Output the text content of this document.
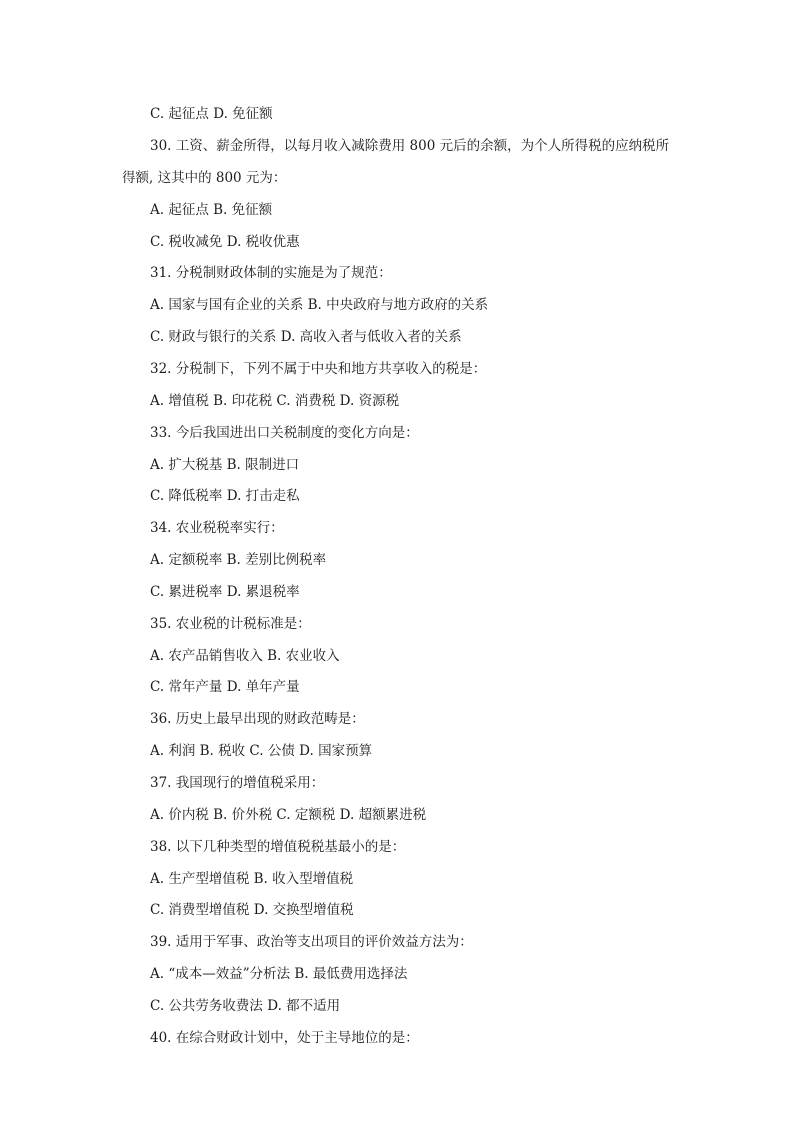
C. 起征点 D. 免征额
30. 工资、薪金所得，以每月收入减除费用 800 元后的余额，为个人所得税的应纳税所
得额, 这其中的 800 元为：
A. 起征点 B. 免征额
C. 税收减免 D. 税收优惠
31. 分税制财政体制的实施是为了规范：
A. 国家与国有企业的关系 B. 中央政府与地方政府的关系
C. 财政与银行的关系 D. 高收入者与低收入者的关系
32. 分税制下，下列不属于中央和地方共享收入的税是：
A. 增值税 B. 印花税 C. 消费税 D. 资源税
33. 今后我国进出口关税制度的变化方向是：
A. 扩大税基 B. 限制进口
C. 降低税率 D. 打击走私
34. 农业税税率实行：
A. 定额税率 B. 差别比例税率
C. 累进税率 D. 累退税率
35. 农业税的计税标准是：
A. 农产品销售收入 B. 农业收入
C. 常年产量 D. 单年产量
36. 历史上最早出现的财政范畴是：
A. 利润 B. 税收 C. 公债 D. 国家预算
37. 我国现行的增值税采用：
A. 价内税 B. 价外税 C. 定额税 D. 超额累进税
38. 以下几种类型的增值税税基最小的是：
A. 生产型增值税 B. 收入型增值税
C. 消费型增值税 D. 交换型增值税
39. 适用于军事、政治等支出项目的评价效益方法为：
A. “成本—效益”分析法 B. 最低费用选择法
C. 公共劳务收费法 D. 都不适用
40. 在综合财政计划中，处于主导地位的是：
